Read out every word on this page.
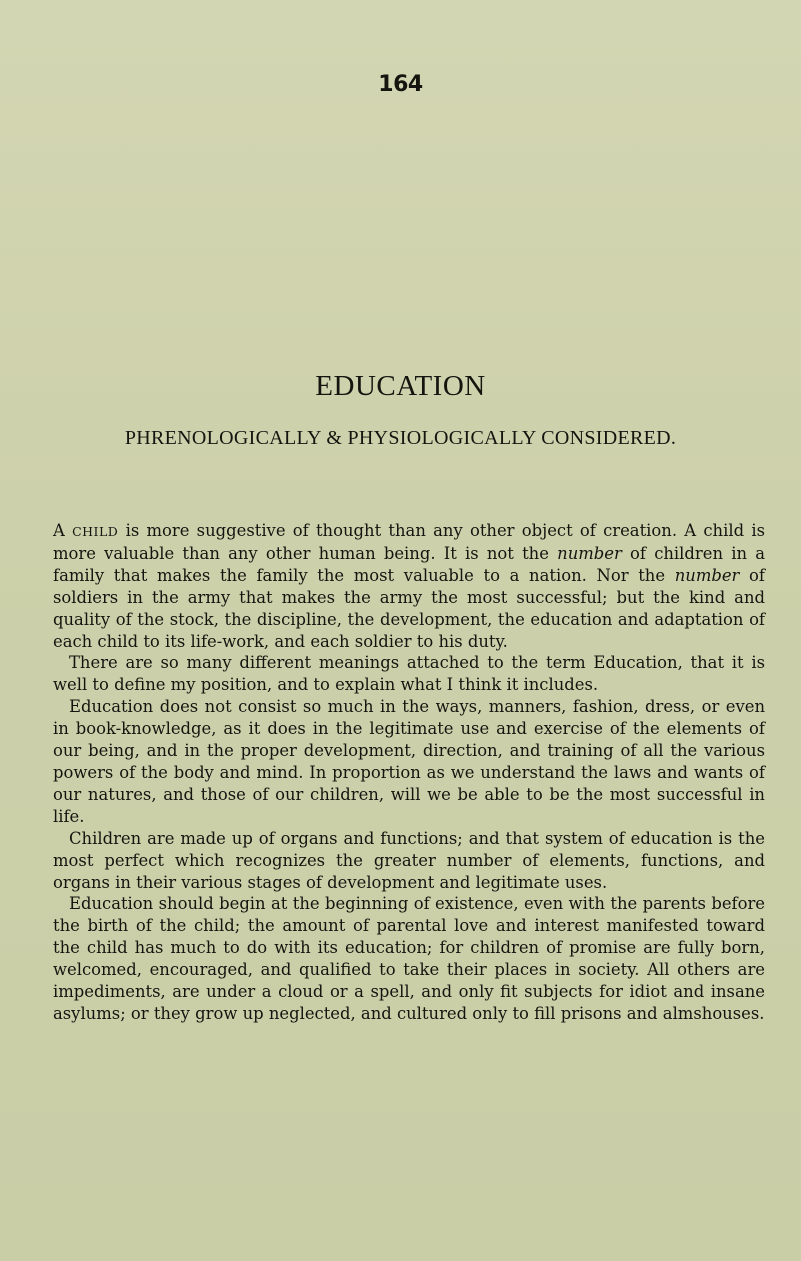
164
EDUCATION
PHRENOLOGICALLY & PHYSIOLOGICALLY CONSIDERED.

A CHILD is more suggestive of thought than any other object of creation. A child is more valuable than any other human being. It is not the number of children in a family that makes the family the most valuable to a nation. Nor the number of soldiers in the army that makes the army the most successful; but the kind and quality of the stock, the discipline, the development, the education and adaptation of each child to its life-work, and each soldier to his duty.

There are so many different meanings attached to the term Education, that it is well to define my position, and to explain what I think it includes.

Education does not consist so much in the ways, manners, fashion, dress, or even in book-knowledge, as it does in the legitimate use and exercise of the elements of our being, and in the proper development, direction, and training of all the various powers of the body and mind. In proportion as we understand the laws and wants of our natures, and those of our children, will we be able to be the most successful in life.

Children are made up of organs and functions; and that system of education is the most perfect which recognizes the greater number of elements, functions, and organs in their various stages of development and legitimate uses.

Education should begin at the beginning of existence, even with the parents before the birth of the child; the amount of parental love and interest manifested toward the child has much to do with its education; for children of promise are fully born, welcomed, encouraged, and qualified to take their places in society. All others are impediments, are under a cloud or a spell, and only fit subjects for idiot and insane asylums; or they grow up neglected, and cultured only to fill prisons and almshouses.
